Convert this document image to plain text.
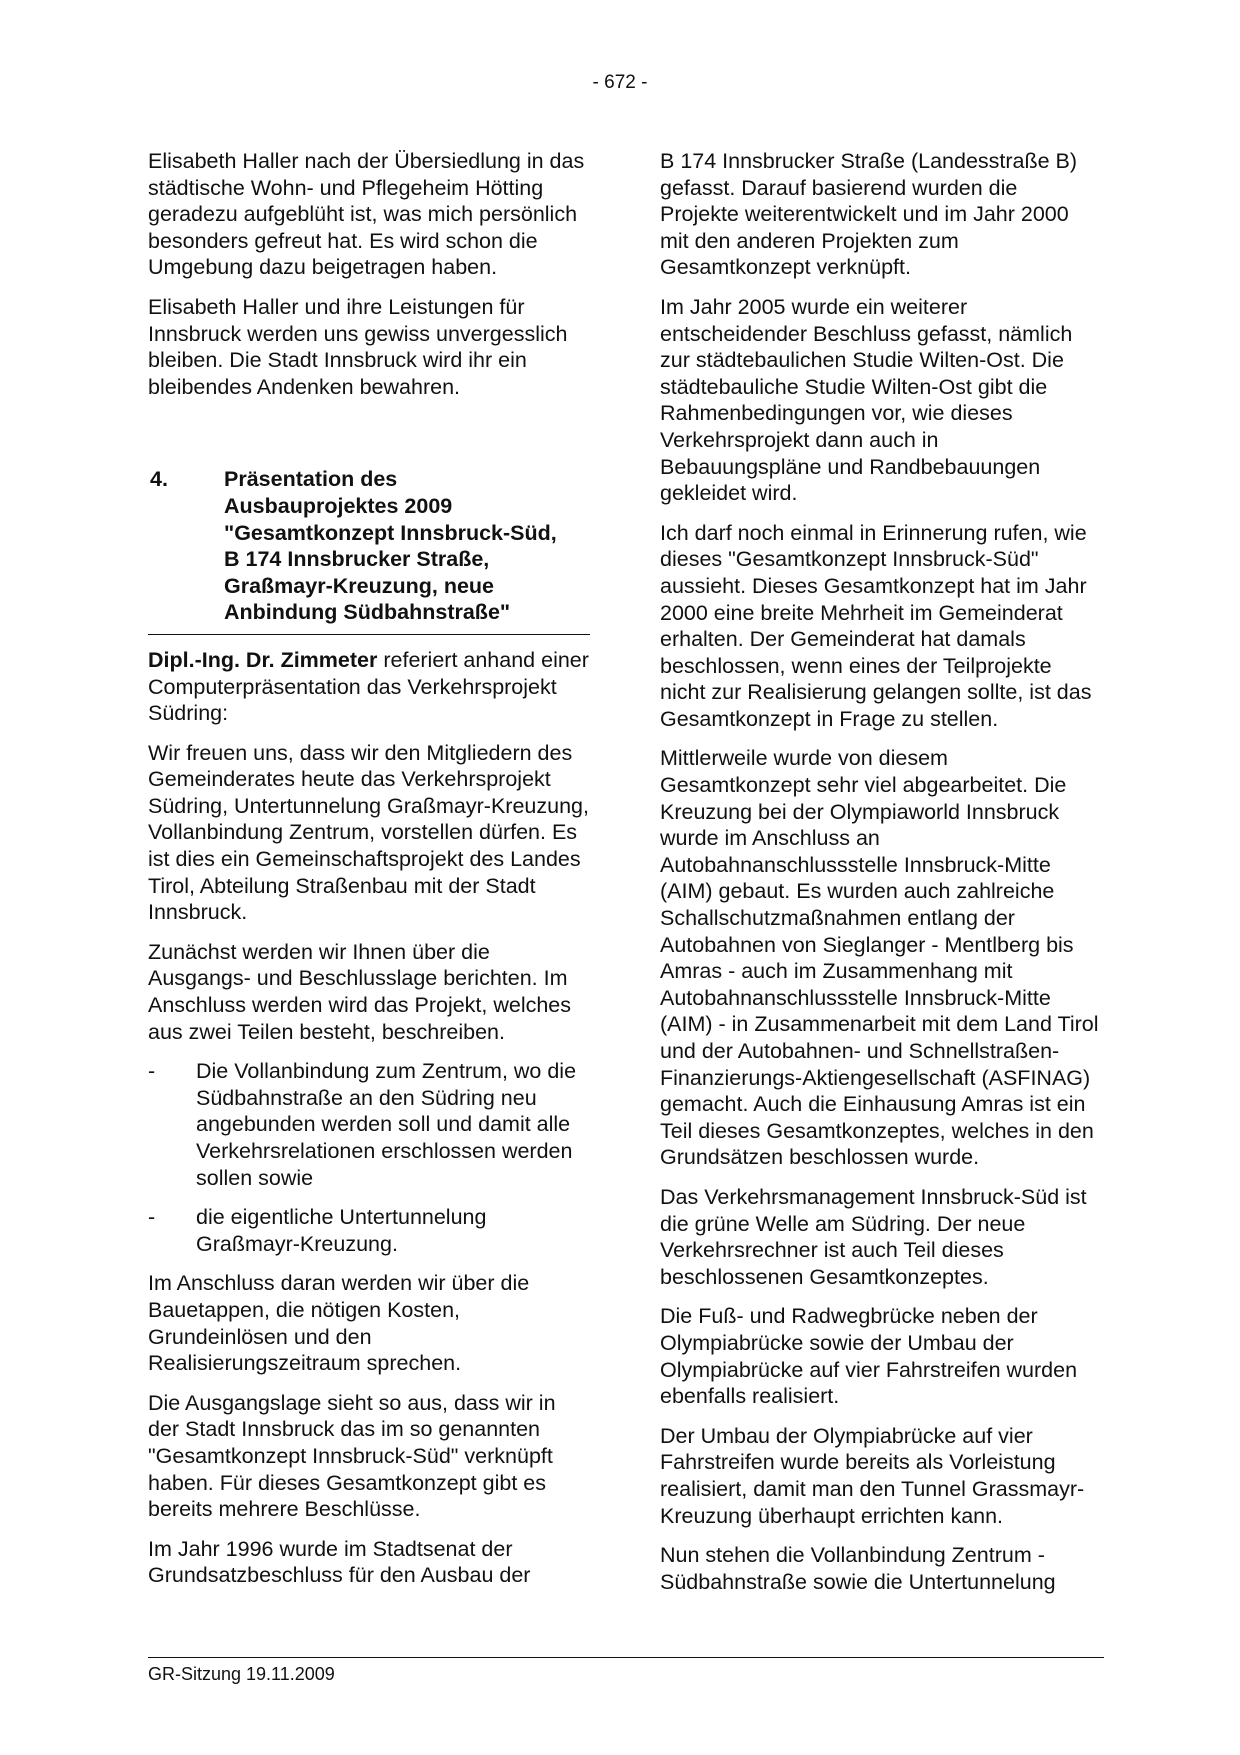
- 672 -

Elisabeth Haller nach der Übersiedlung in das städtische Wohn- und Pflegeheim Hötting geradezu aufgeblüht ist, was mich persönlich besonders gefreut hat. Es wird schon die Umgebung dazu beigetragen haben.

Elisabeth Haller und ihre Leistungen für Innsbruck werden uns gewiss unvergesslich bleiben. Die Stadt Innsbruck wird ihr ein bleibendes Andenken bewahren.

4.	Präsentation des Ausbauprojektes 2009 "Gesamtkonzept Innsbruck-Süd, B 174 Innsbrucker Straße, Graßmayr-Kreuzung, neue Anbindung Südbahnstraße"

Dipl.-Ing. Dr. Zimmeter referiert anhand einer Computerpräsentation das Verkehrsprojekt Südring:

Wir freuen uns, dass wir den Mitgliedern des Gemeinderates heute das Verkehrsprojekt Südring, Untertunnelung Graßmayr-Kreuzung, Vollanbindung Zentrum, vorstellen dürfen. Es ist dies ein Gemeinschaftsprojekt des Landes Tirol, Abteilung Straßenbau mit der Stadt Innsbruck.

Zunächst werden wir Ihnen über die Ausgangs- und Beschlusslage berichten. Im Anschluss werden wird das Projekt, welches aus zwei Teilen besteht, beschreiben.

-	Die Vollanbindung zum Zentrum, wo die Südbahnstraße an den Südring neu angebunden werden soll und damit alle Verkehrsrelationen erschlossen werden sollen sowie
-	die eigentliche Untertunnelung Graßmayr-Kreuzung.

Im Anschluss daran werden wir über die Bauetappen, die nötigen Kosten, Grundeinlösen und den Realisierungszeitraum sprechen.

Die Ausgangslage sieht so aus, dass wir in der Stadt Innsbruck das im so genannten "Gesamtkonzept Innsbruck-Süd" verknüpft haben. Für dieses Gesamtkonzept gibt es bereits mehrere Beschlüsse.

Im Jahr 1996 wurde im Stadtsenat der Grundsatzbeschluss für den Ausbau der

B 174 Innsbrucker Straße (Landesstraße B) gefasst. Darauf basierend wurden die Projekte weiterentwickelt und im Jahr 2000 mit den anderen Projekten zum Gesamtkonzept verknüpft.

Im Jahr 2005 wurde ein weiterer entscheidender Beschluss gefasst, nämlich zur städtebaulichen Studie Wilten-Ost. Die städtebauliche Studie Wilten-Ost gibt die Rahmenbedingungen vor, wie dieses Verkehrsprojekt dann auch in Bebauungspläne und Randbebauungen gekleidet wird.

Ich darf noch einmal in Erinnerung rufen, wie dieses "Gesamtkonzept Innsbruck-Süd" aussieht. Dieses Gesamtkonzept hat im Jahr 2000 eine breite Mehrheit im Gemeinderat erhalten. Der Gemeinderat hat damals beschlossen, wenn eines der Teilprojekte nicht zur Realisierung gelangen sollte, ist das Gesamtkonzept in Frage zu stellen.

Mittlerweile wurde von diesem Gesamtkonzept sehr viel abgearbeitet. Die Kreuzung bei der Olympiaworld Innsbruck wurde im Anschluss an Autobahnanschlussstelle Innsbruck-Mitte (AIM) gebaut. Es wurden auch zahlreiche Schallschutzmaßnahmen entlang der Autobahnen von Sieglanger - Mentlberg bis Amras - auch im Zusammenhang mit Autobahnanschlussstelle Innsbruck-Mitte (AIM) - in Zusammenarbeit mit dem Land Tirol und der Autobahnen- und Schnellstraßen-Finanzierungs-Aktiengesellschaft (ASFINAG) gemacht. Auch die Einhausung Amras ist ein Teil dieses Gesamtkonzeptes, welches in den Grundsätzen beschlossen wurde.

Das Verkehrsmanagement Innsbruck-Süd ist die grüne Welle am Südring. Der neue Verkehrsrechner ist auch Teil dieses beschlossenen Gesamtkonzeptes.

Die Fuß- und Radwegbrücke neben der Olympiabrücke sowie der Umbau der Olympiabrücke auf vier Fahrstreifen wurden ebenfalls realisiert.

Der Umbau der Olympiabrücke auf vier Fahrstreifen wurde bereits als Vorleistung realisiert, damit man den Tunnel Grassmayr-Kreuzung überhaupt errichten kann.

Nun stehen die Vollanbindung Zentrum - Südbahnstraße sowie die Untertunnelung

GR-Sitzung 19.11.2009
